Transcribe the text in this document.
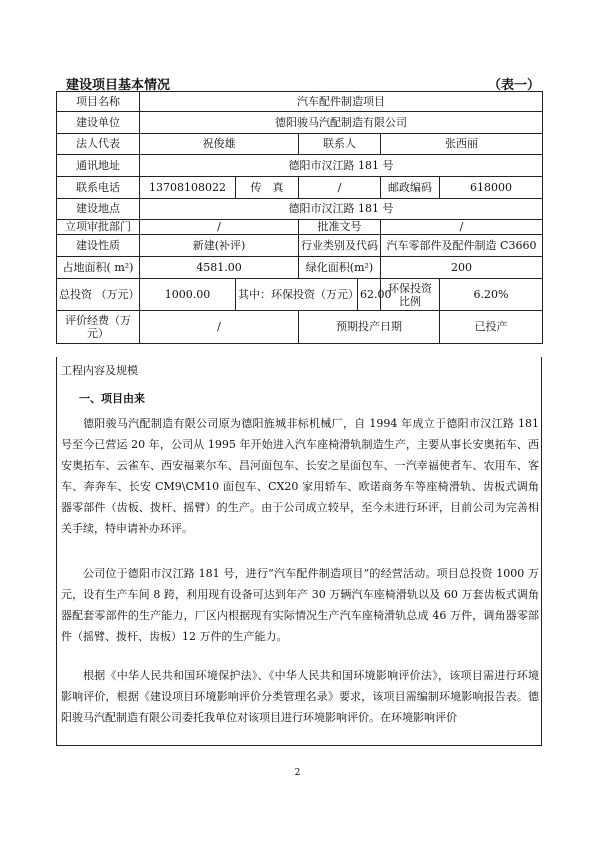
建设项目基本情况	（表一）
项目名称	汽车配件制造项目					
建设单位	德阳骏马汽配制造有限公司					
法人代表	祝俊雄		联系人		张西丽	
通讯地址	德阳市汉江路 181 号					
联系电话	13708108022	传　真	/		邮政编码	618000
建设地点	德阳市汉江路 181 号					
立项审批部门	/		批准文号		/	
建设性质	新建(补评)		行业类别及代码		汽车零部件及配件制造 C3660	
占地面积( m²)	4581.00		绿化面积(m²)		200	
总投资 （万元）	1000.00	其中：环保投资（万元）		62.00	环保投资比例	6.20%
评价经费（万元）	/		预期投产日期			已投产
工程内容及规模
一、项目由来

德阳骏马汽配制造有限公司原为德阳旌城非标机械厂，自 1994 年成立于德阳市汉江路 181 号至今已营运 20 年，公司从 1995 年开始进入汽车座椅滑轨制造生产，主要从事长安奥拓车、西安奥拓车、云雀车、西安福莱尔车、昌河面包车、长安之星面包车、一汽幸福使者车、农用车、客车、奔奔车、长安 CM9\CM10 面包车、CX20 家用轿车、欧诺商务车等座椅滑轨、齿板式调角器零部件（齿板、拨杆、摇臂）的生产。由于公司成立较早，至今未进行环评，目前公司为完善相关手续，特申请补办环评。

公司位于德阳市汉江路 181 号，进行“汽车配件制造项目”的经营活动。项目总投资 1000 万元，设有生产车间 8 跨，利用现有设备可达到年产 30 万辆汽车座椅滑轨以及 60 万套齿板式调角器配套零部件的生产能力，厂区内根据现有实际情况生产汽车座椅滑轨总成 46 万件，调角器零部件（摇臂、拨杆、齿板）12 万件的生产能力。

根据《中华人民共和国环境保护法》、《中华人民共和国环境影响评价法》，该项目需进行环境影响评价，根据《建设项目环境影响评价分类管理名录》要求，该项目需编制环境影响报告表。德阳骏马汽配制造有限公司委托我单位对该项目进行环境影响评价。在环境影响评价

2
